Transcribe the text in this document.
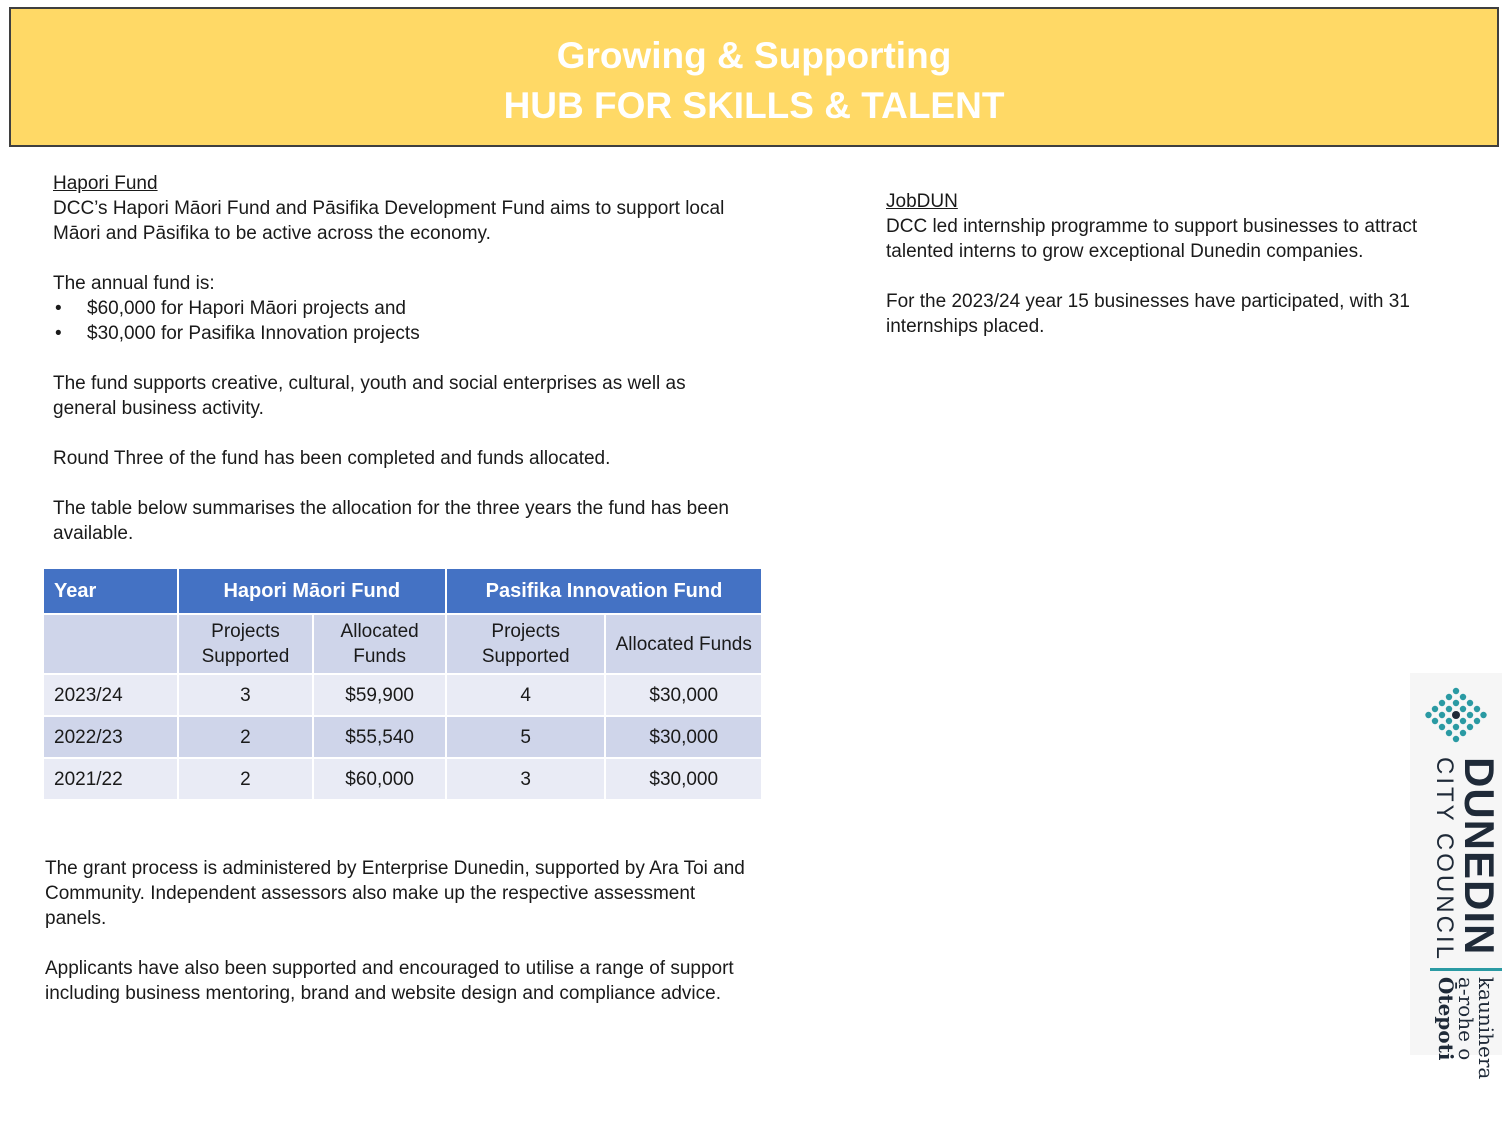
Growing & Supporting
HUB FOR SKILLS & TALENT

Hapori Fund

DCC’s Hapori Māori Fund and Pāsifika Development Fund aims to support local Māori and Pāsifika to be active across the economy.

The annual fund is:

• $60,000 for Hapori Māori projects and
• $30,000 for Pasifika Innovation projects

The fund supports creative, cultural, youth and social enterprises as well as general business activity.

Round Three of the fund has been completed and funds allocated.

The table below summarises the allocation for the three years the fund has been available.

Year	Hapori Māori Fund		Pasifika Innovation Fund	
	Projects Supported	Allocated Funds	Projects Supported	Allocated Funds
2023/24	3	$59,900	4	$30,000
2022/23	2	$55,540	5	$30,000
2021/22	2	$60,000	3	$30,000

The grant process is administered by Enterprise Dunedin, supported by Ara Toi and Community. Independent assessors also make up the respective assessment panels.

Applicants have also been supported and encouraged to utilise a range of support including business mentoring, brand and website design and compliance advice.

JobDUN

DCC led internship programme to support businesses to attract talented interns to grow exceptional Dunedin companies.

For the 2023/24 year 15 businesses have participated, with 31 internships placed.

DUNEDIN
CITY COUNCIL
kaunihera
a-rohe o
Ōtepoti
